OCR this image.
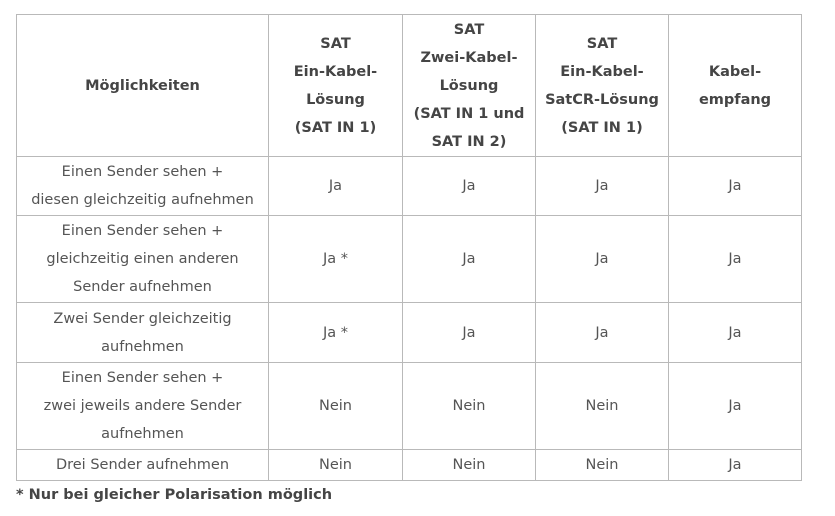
Möglichkeiten	SAT
Ein-Kabel-
Lösung
(SAT IN 1)	SAT
Zwei-Kabel-
Lösung
(SAT IN 1 und
SAT IN 2)	SAT
Ein-Kabel-
SatCR-Lösung
(SAT IN 1)	Kabel-
empfang

Einen Sender sehen +
diesen gleichzeitig aufnehmen	Ja	Ja	Ja	Ja

Einen Sender sehen +
gleichzeitig einen anderen
Sender aufnehmen	Ja *	Ja	Ja	Ja

Zwei Sender gleichzeitig
aufnehmen	Ja *	Ja	Ja	Ja

Einen Sender sehen +
zwei jeweils andere Sender
aufnehmen	Nein	Nein	Nein	Ja

Drei Sender aufnehmen	Nein	Nein	Nein	Ja

* Nur bei gleicher Polarisation möglich
